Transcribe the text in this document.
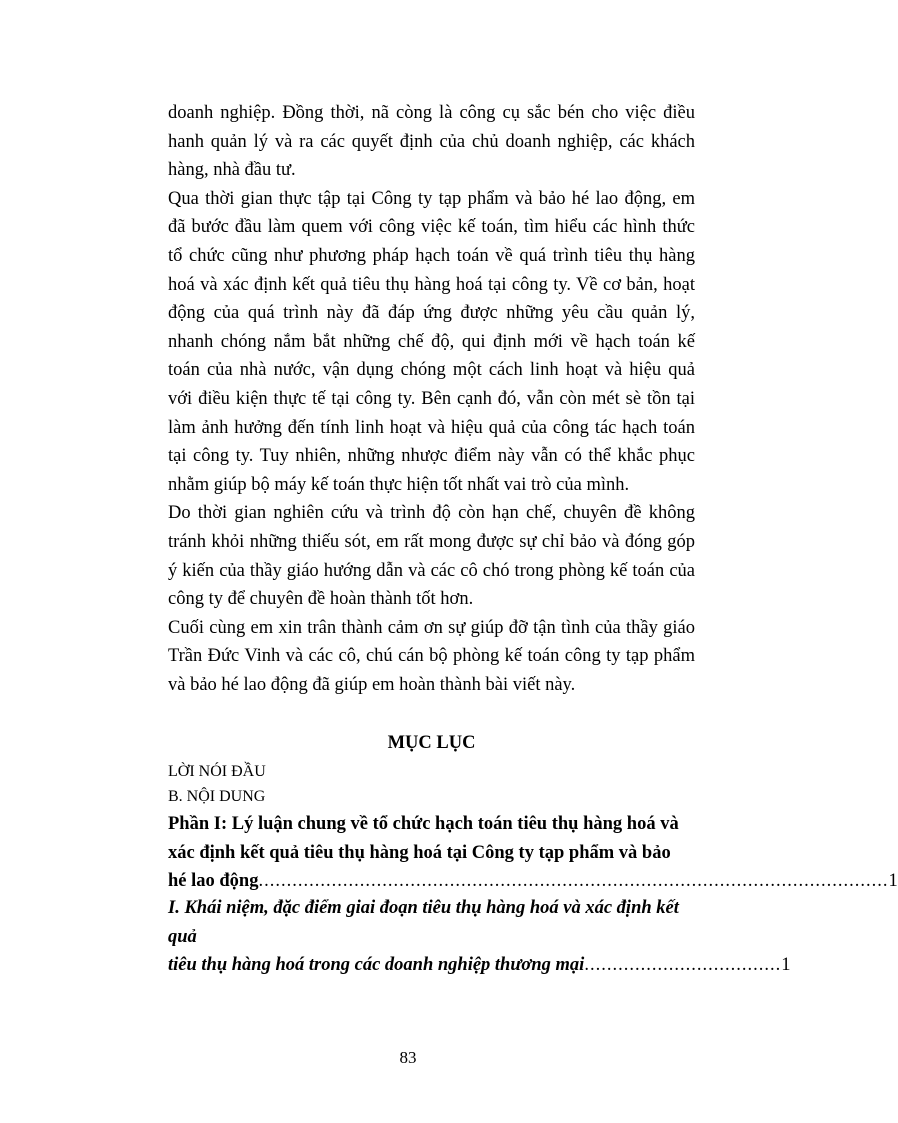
doanh nghiệp. Đồng thời, nã còng là công cụ sắc bén cho việc điều
hanh quản lý và ra các quyết định của chủ doanh nghiệp, các khách
hàng, nhà đầu tư.
Qua thời gian thực tập tại Công ty tạp phẩm và bảo hé lao động, em
đã bước đầu làm quem với công việc kế toán, tìm hiểu các hình thức
tổ chức cũng như phương pháp hạch toán về quá trình tiêu thụ hàng
hoá và xác định kết quả tiêu thụ hàng hoá tại công ty. Về cơ bản, hoạt
động của quá trình này đã đáp ứng được những yêu cầu quản lý,
nhanh chóng nắm bắt những chế độ, qui định mới về hạch toán kế
toán của nhà nước, vận dụng chóng một cách linh hoạt và hiệu quả
với điều kiện thực tế tại công ty. Bên cạnh đó, vẫn còn mét sè tồn tại
làm ảnh hưởng đến tính linh hoạt và hiệu quả của công tác hạch toán
tại công ty. Tuy nhiên, những nhược điểm này vẫn có thể khắc phục
nhằm giúp bộ máy kế toán thực hiện tốt nhất vai trò của mình.
Do thời gian nghiên cứu và trình độ còn hạn chế, chuyên đề không
tránh khỏi những thiếu sót, em rất mong được sự chỉ bảo và đóng góp
ý kiến của thầy giáo hướng dẫn và các cô chó trong phòng kế toán của
công ty để chuyên đề hoàn thành tốt hơn.
Cuối cùng em xin trân thành cảm ơn sự giúp đỡ tận tình của thầy giáo
Trần Đức Vinh và các cô, chú cán bộ phòng kế toán công ty tạp phẩm
và bảo hé lao động đã giúp em hoàn thành bài viết này.
MỤC LỤC
LỜI NÓI ĐẦU
B. NỘI DUNG
Phần I: Lý luận chung về tổ chức hạch toán tiêu thụ hàng hoá và
xác định kết quả tiêu thụ hàng hoá tại Công ty tạp phẩm và bảo
hé lao động ................................................................................................................ 1
I. Khái niệm, đặc điểm giai đoạn tiêu thụ hàng hoá và xác định kết
quả
tiêu thụ hàng hoá trong các doanh nghiệp thương mại ................................... 1
83
